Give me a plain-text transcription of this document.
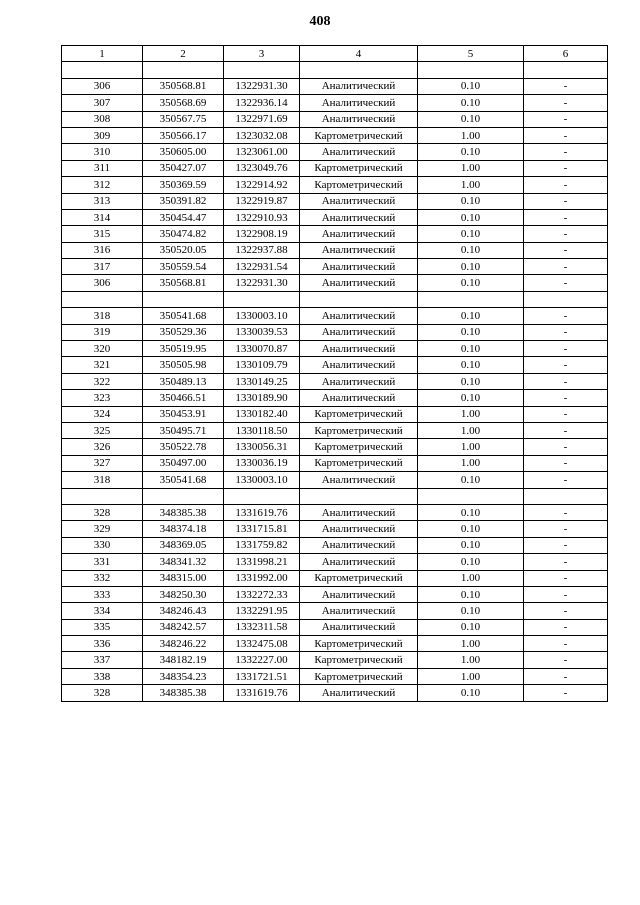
408
1	2	3	4	5	6

306	350568.81	1322931.30	Аналитический	0.10	-
307	350568.69	1322936.14	Аналитический	0.10	-
308	350567.75	1322971.69	Аналитический	0.10	-
309	350566.17	1323032.08	Картометрический	1.00	-
310	350605.00	1323061.00	Аналитический	0.10	-
311	350427.07	1323049.76	Картометрический	1.00	-
312	350369.59	1322914.92	Картометрический	1.00	-
313	350391.82	1322919.87	Аналитический	0.10	-
314	350454.47	1322910.93	Аналитический	0.10	-
315	350474.82	1322908.19	Аналитический	0.10	-
316	350520.05	1322937.88	Аналитический	0.10	-
317	350559.54	1322931.54	Аналитический	0.10	-
306	350568.81	1322931.30	Аналитический	0.10	-

318	350541.68	1330003.10	Аналитический	0.10	-
319	350529.36	1330039.53	Аналитический	0.10	-
320	350519.95	1330070.87	Аналитический	0.10	-
321	350505.98	1330109.79	Аналитический	0.10	-
322	350489.13	1330149.25	Аналитический	0.10	-
323	350466.51	1330189.90	Аналитический	0.10	-
324	350453.91	1330182.40	Картометрический	1.00	-
325	350495.71	1330118.50	Картометрический	1.00	-
326	350522.78	1330056.31	Картометрический	1.00	-
327	350497.00	1330036.19	Картометрический	1.00	-
318	350541.68	1330003.10	Аналитический	0.10	-

328	348385.38	1331619.76	Аналитический	0.10	-
329	348374.18	1331715.81	Аналитический	0.10	-
330	348369.05	1331759.82	Аналитический	0.10	-
331	348341.32	1331998.21	Аналитический	0.10	-
332	348315.00	1331992.00	Картометрический	1.00	-
333	348250.30	1332272.33	Аналитический	0.10	-
334	348246.43	1332291.95	Аналитический	0.10	-
335	348242.57	1332311.58	Аналитический	0.10	-
336	348246.22	1332475.08	Картометрический	1.00	-
337	348182.19	1332227.00	Картометрический	1.00	-
338	348354.23	1331721.51	Картометрический	1.00	-
328	348385.38	1331619.76	Аналитический	0.10	-
